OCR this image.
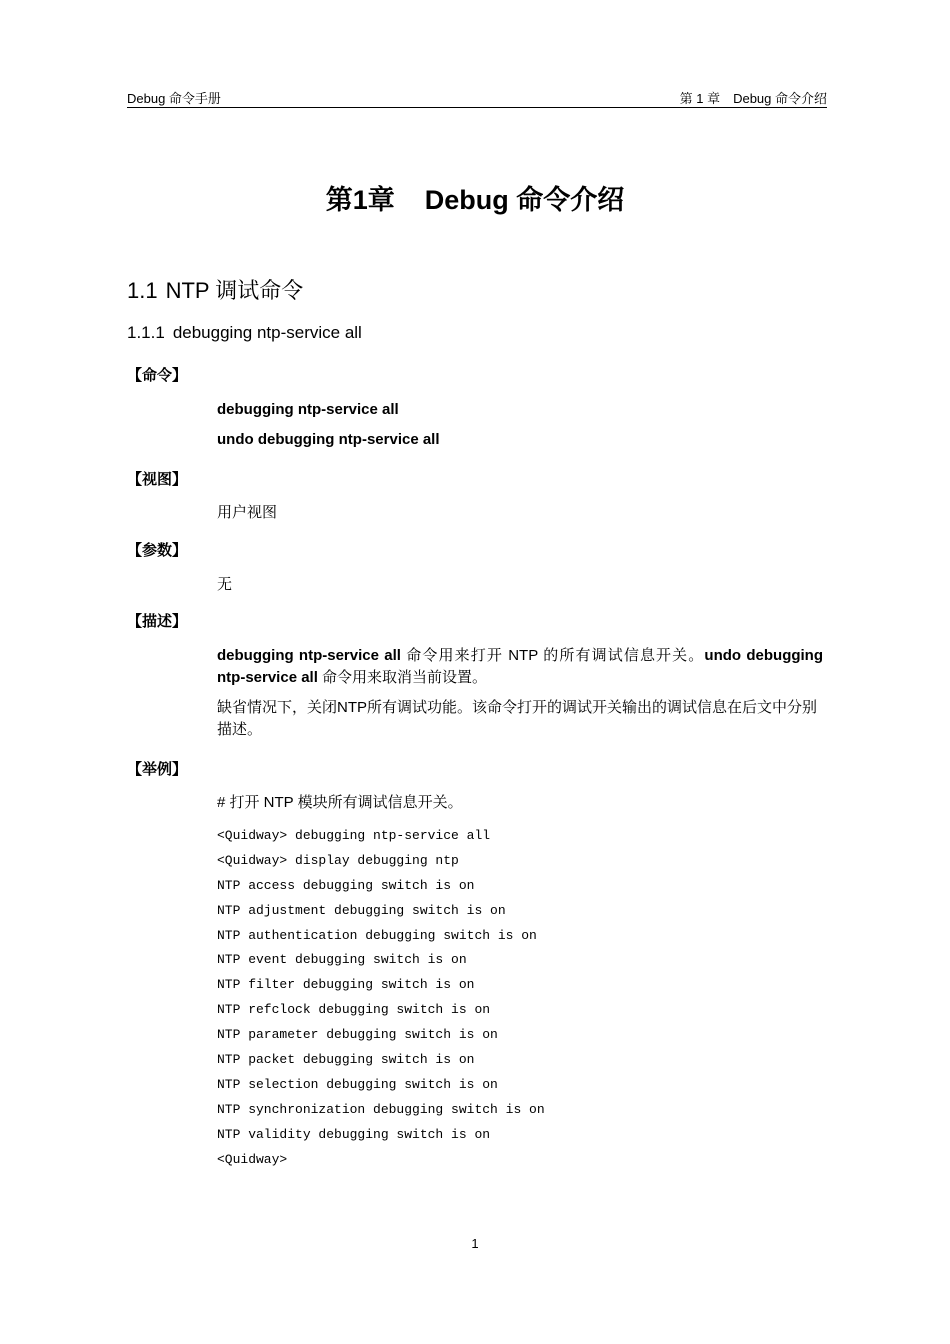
Debug 命令手册	第 1 章　Debug 命令介绍
第1章 Debug 命令介绍
1.1 NTP 调试命令
1.1.1 debugging ntp-service all
【命令】
debugging ntp-service all
undo debugging ntp-service all
【视图】
用户视图
【参数】
无
【描述】
debugging ntp-service all 命令用来打开 NTP 的所有调试信息开关。undo debugging ntp-service all 命令用来取消当前设置。
缺省情况下，关闭NTP所有调试功能。该命令打开的调试开关输出的调试信息在后文中分别描述。
【举例】
# 打开 NTP 模块所有调试信息开关。
<Quidway> debugging ntp-service all
<Quidway> display debugging ntp
NTP access debugging switch is on
NTP adjustment debugging switch is on
NTP authentication debugging switch is on
NTP event debugging switch is on
NTP filter debugging switch is on
NTP refclock debugging switch is on
NTP parameter debugging switch is on
NTP packet debugging switch is on
NTP selection debugging switch is on
NTP synchronization debugging switch is on
NTP validity debugging switch is on
<Quidway>
1
